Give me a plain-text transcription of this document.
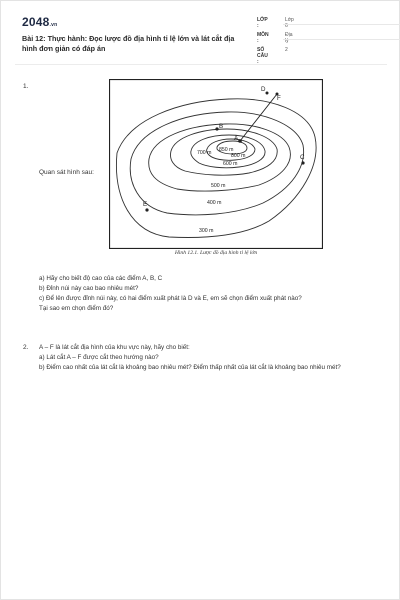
2048.vn
Bài 12: Thực hành: Đọc lược đồ địa hình tỉ lệ lớn và lát cắt địa hình đơn giản có đáp án
LỚP :
Lớp 6
MÔN :
Địa lý
SỐ CÂU :
2
1.
Quan sát hình sau:
A
B
C
D
E
F
850 m
800 m
700 m
600 m
500 m
400 m
300 m
Hình 12.1. Lược đồ địa hình tỉ lệ lớn
a) Hãy cho biết độ cao của các điểm A, B, C
b) Đỉnh núi này cao bao nhiêu mét?
c) Để lên được đỉnh núi này, có hai điểm xuất phát là D và E, em sẽ chọn điểm xuất phát nào?
Tại sao em chọn điểm đó?
2. A – F là lát cắt địa hình của khu vực này, hãy cho biết:
a) Lát cắt A – F được cắt theo hướng nào?
b) Điểm cao nhất của lát cắt là khoảng bao nhiêu mét? Điểm thấp nhất của lát cắt là khoảng bao nhiêu mét?
